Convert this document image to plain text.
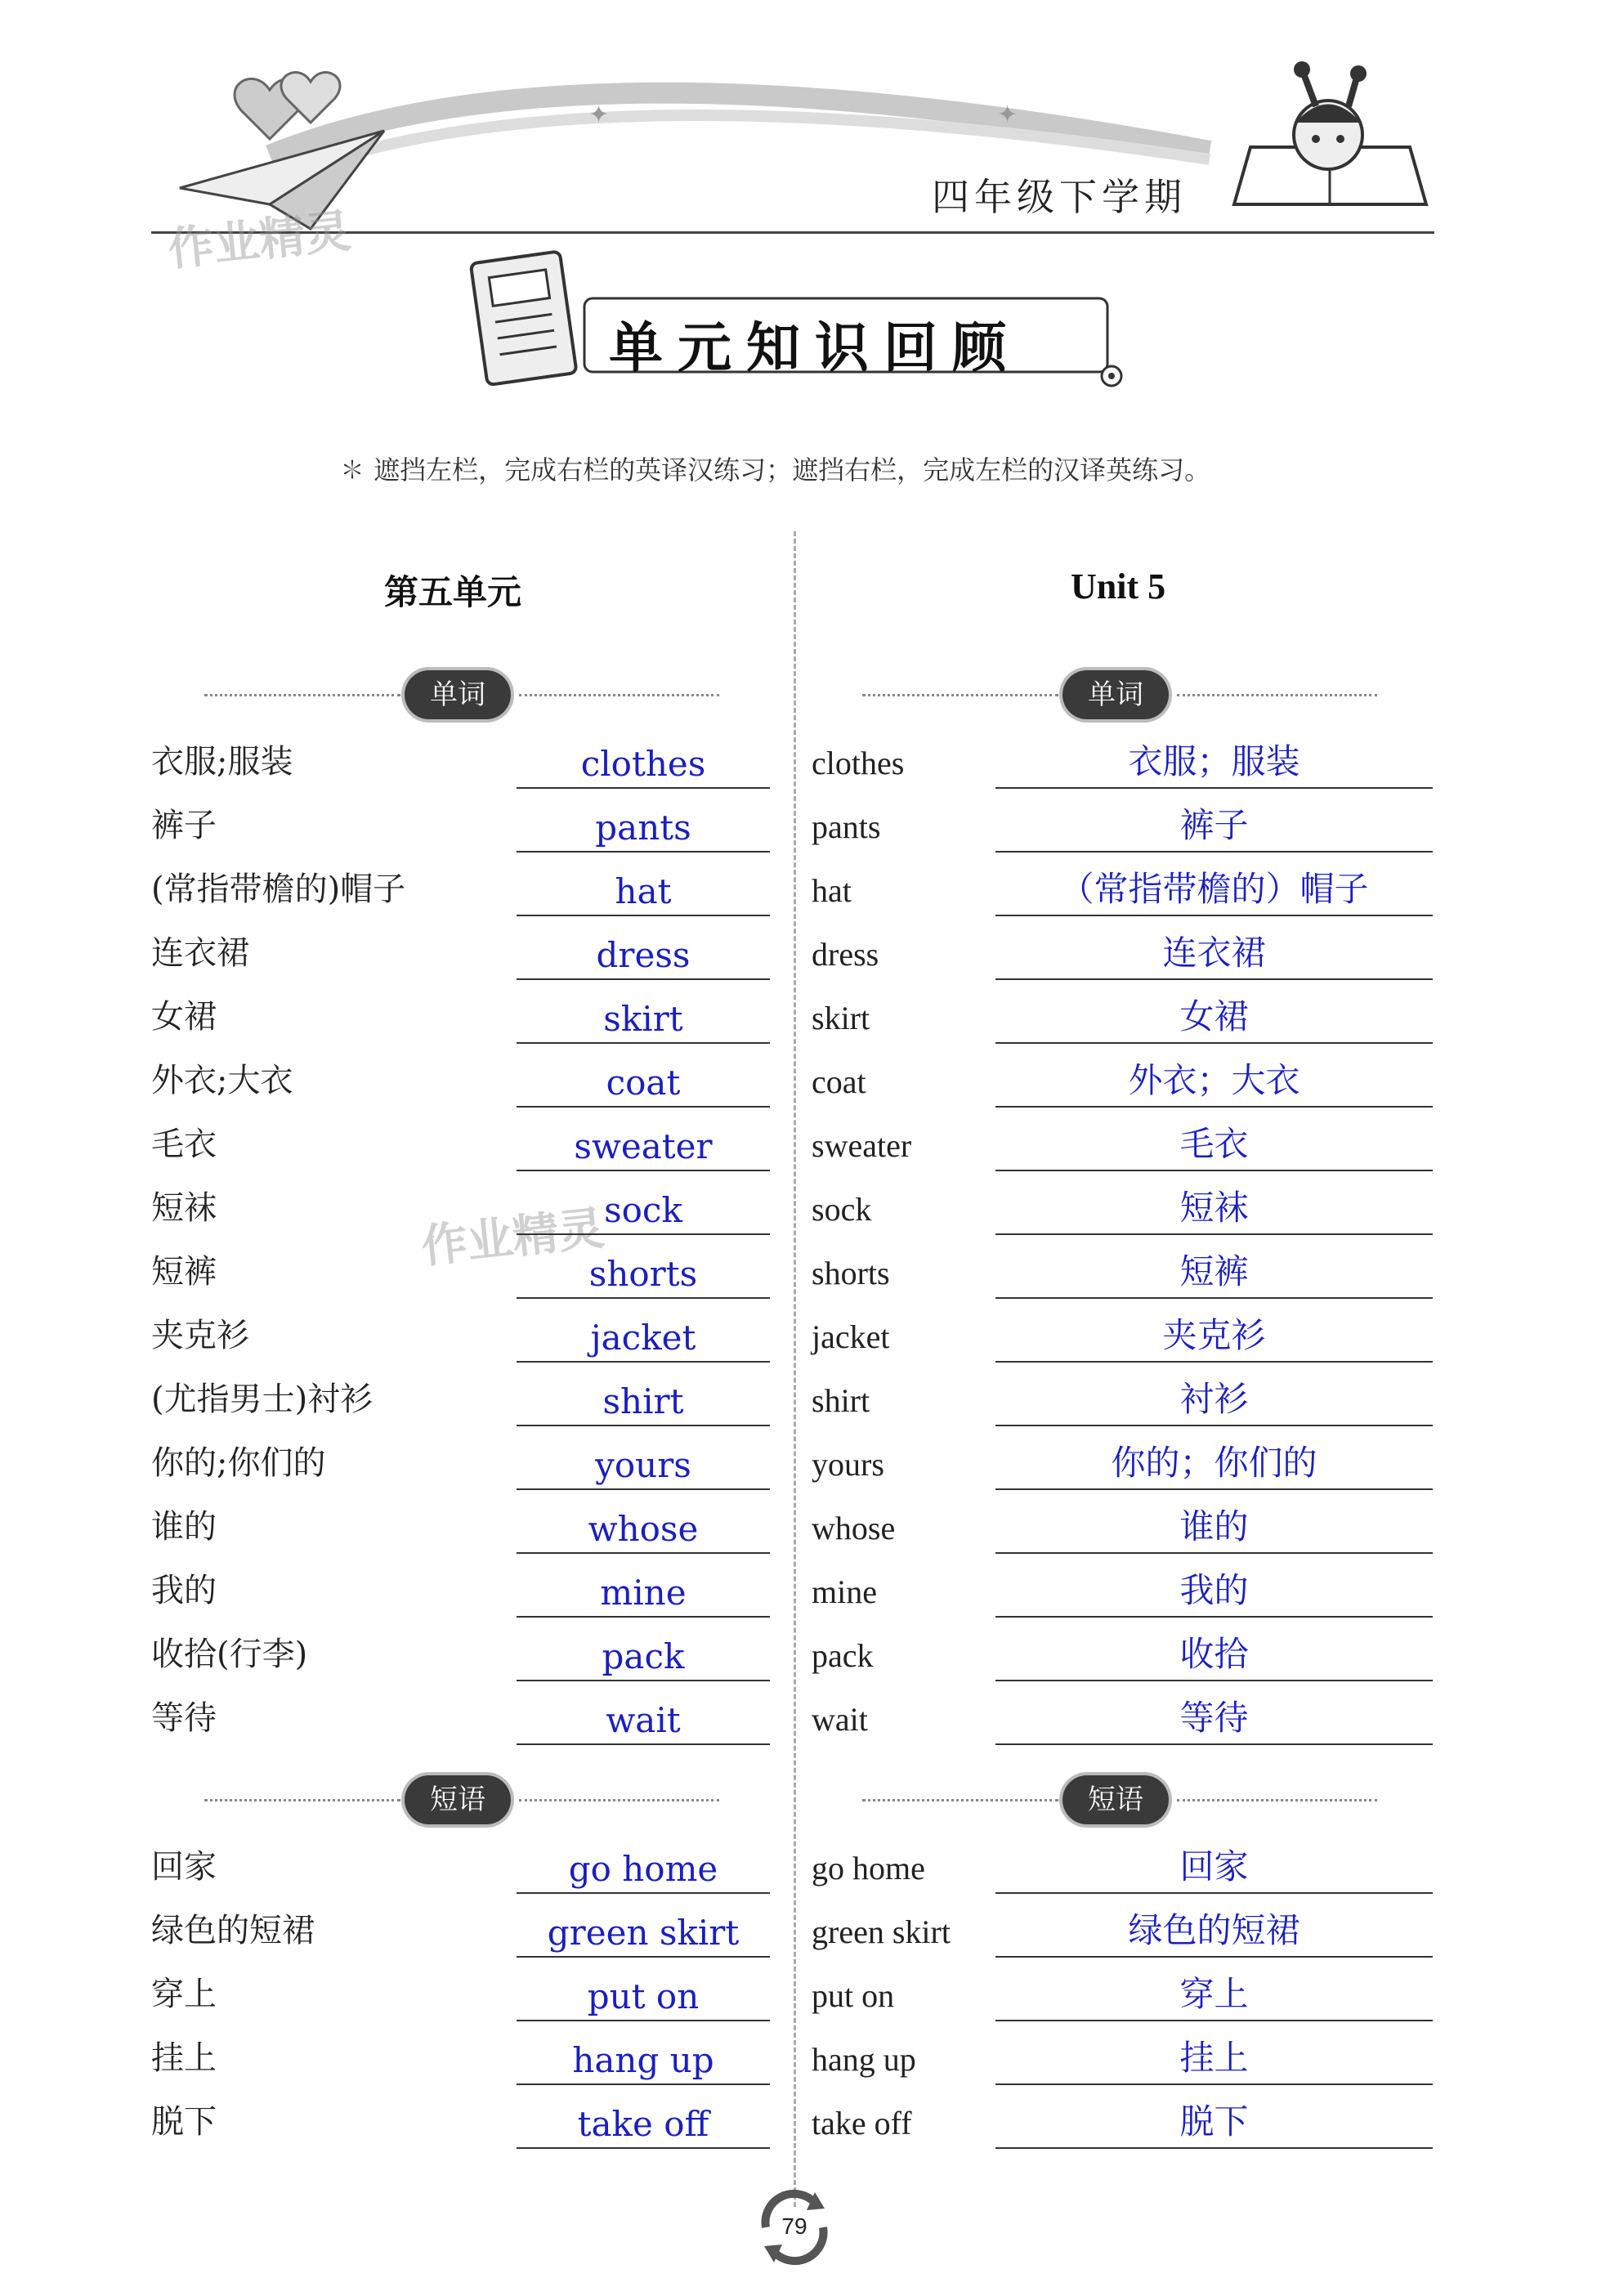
✦	✦
四年级下学期
作业精灵
作业精灵
单元知识回顾
✽ 遮挡左栏，完成右栏的英译汉练习；遮挡右栏，完成左栏的汉译英练习。
第五单元	Unit 5
单词	单词
短语	短语
衣服;服装	clothes
裤子	pants
(常指带檐的)帽子	hat
连衣裙	dress
女裙	skirt
外衣;大衣	coat
毛衣	sweater
短袜	sock
短裤	shorts
夹克衫	jacket
(尤指男士)衬衫	shirt
你的;你们的	yours
谁的	whose
我的	mine
收拾(行李)	pack
等待	wait
回家	go home
绿色的短裙	green skirt
穿上	put on
挂上	hang up
脱下	take off
clothes	衣服；服装
pants	裤子
hat	（常指带檐的）帽子
dress	连衣裙
skirt	女裙
coat	外衣；大衣
sweater	毛衣
sock	短袜
shorts	短裤
jacket	夹克衫
shirt	衬衫
yours	你的；你们的
whose	谁的
mine	我的
pack	收拾
wait	等待
go home	回家
green skirt	绿色的短裙
put on	穿上
hang up	挂上
take off	脱下
79
